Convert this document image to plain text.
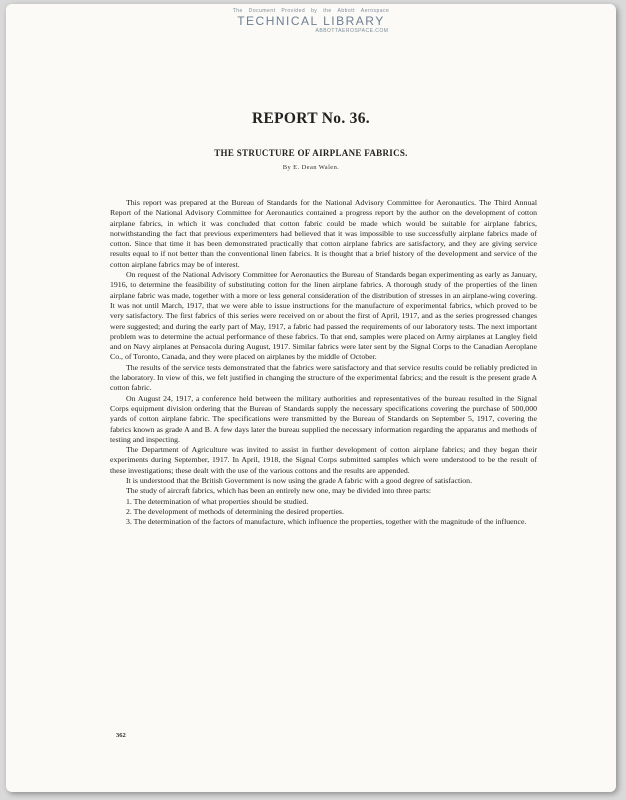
The Document Provided by the Abbott Aerospace
TECHNICAL LIBRARY
ABBOTTAEROSPACE.COM
REPORT No. 36.
THE STRUCTURE OF AIRPLANE FABRICS.
By E. Dean Walen.

This report was prepared at the Bureau of Standards for the National Advisory Committee for Aeronautics. The Third Annual Report of the National Advisory Committee for Aeronautics contained a progress report by the author on the development of cotton airplane fabrics, in which it was concluded that cotton fabric could be made which would be suitable for airplane fabrics, notwithstanding the fact that previous experimenters had believed that it was impossible to use successfully airplane fabrics made of cotton. Since that time it has been demonstrated practically that cotton airplane fabrics are satisfactory, and they are giving service results equal to if not better than the conventional linen fabrics. It is thought that a brief history of the development and service of the cotton airplane fabrics may be of interest.

On request of the National Advisory Committee for Aeronautics the Bureau of Standards began experimenting as early as January, 1916, to determine the feasibility of substituting cotton for the linen airplane fabrics. A thorough study of the properties of the linen airplane fabric was made, together with a more or less general consideration of the distribution of stresses in an airplane-wing covering. It was not until March, 1917, that we were able to issue instructions for the manufacture of experimental fabrics, which proved to be very satisfactory. The first fabrics of this series were received on or about the first of April, 1917, and as the series progressed changes were suggested; and during the early part of May, 1917, a fabric had passed the requirements of our laboratory tests. The next important problem was to determine the actual performance of these fabrics. To that end, samples were placed on Army airplanes at Langley field and on Navy airplanes at Pensacola during August, 1917. Similar fabrics were later sent by the Signal Corps to the Canadian Aeroplane Co., of Toronto, Canada, and they were placed on airplanes by the middle of October.

The results of the service tests demonstrated that the fabrics were satisfactory and that service results could be reliably predicted in the laboratory. In view of this, we felt justified in changing the structure of the experimental fabrics; and the result is the present grade A cotton fabric.

On August 24, 1917, a conference held between the military authorities and representatives of the bureau resulted in the Signal Corps equipment division ordering that the Bureau of Standards supply the necessary specifications covering the purchase of 500,000 yards of cotton airplane fabric. The specifications were transmitted by the Bureau of Standards on September 5, 1917, covering the fabrics known as grade A and B. A few days later the bureau supplied the necessary information regarding the apparatus and methods of testing and inspecting.

The Department of Agriculture was invited to assist in further development of cotton airplane fabrics; and they began their experiments during September, 1917. In April, 1918, the Signal Corps submitted samples which were understood to be the result of these investigations; these dealt with the use of the various cottons and the results are appended.

It is understood that the British Government is now using the grade A fabric with a good degree of satisfaction.

The study of aircraft fabrics, which has been an entirely new one, may be divided into three parts:

1. The determination of what properties should be studied.

2. The development of methods of determining the desired properties.

3. The determination of the factors of manufacture, which influence the properties, together with the magnitude of the influence.

362
